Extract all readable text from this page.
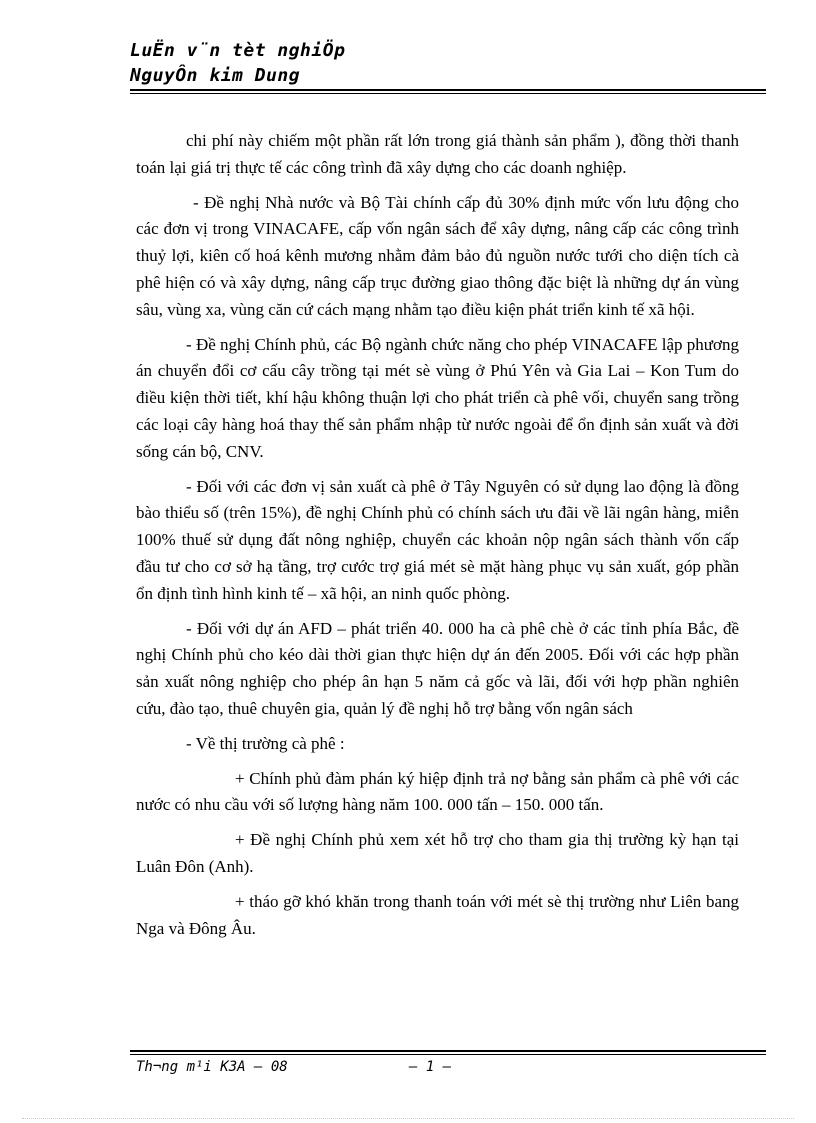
LuËn v¨n tèt nghiÖp
NguyÔn kim Dung

chi phí này chiếm một phần rất lớn trong giá thành sản phẩm ), đồng thời thanh toán lại giá trị thực tế các công trình đã xây dựng cho các doanh nghiệp.

- Đề nghị Nhà nước và Bộ Tài chính cấp đủ 30% định mức vốn lưu động cho các đơn vị trong VINACAFE, cấp vốn ngân sách để xây dựng, nâng cấp các công trình thuỷ lợi, kiên cố hoá kênh mương nhằm đảm bảo đủ nguồn nước tưới cho diện tích cà phê hiện có và xây dựng, nâng cấp trục đường giao thông đặc biệt là những dự án vùng sâu, vùng xa, vùng căn cứ cách mạng nhằm tạo điều kiện phát triển kinh tế xã hội.

- Đề nghị Chính phủ, các Bộ ngành chức năng cho phép VINACAFE lập phương án chuyển đổi cơ cấu cây trồng tại mét sè vùng ở Phú Yên và Gia Lai – Kon Tum do điều kiện thời tiết, khí hậu không thuận lợi cho phát triển cà phê vối, chuyển sang trồng các loại cây hàng hoá thay thế sản phẩm nhập từ nước ngoài để ổn định sản xuất và đời sống cán bộ, CNV.

- Đối với các đơn vị sản xuất cà phê ở Tây Nguyên có sử dụng lao động là đồng bào thiểu số (trên 15%), đề nghị Chính phủ có chính sách ưu đãi về lãi ngân hàng, miễn 100% thuế sử dụng đất nông nghiệp, chuyển các khoản nộp ngân sách thành vốn cấp đầu tư cho cơ sở hạ tầng, trợ cước trợ giá mét sè mặt hàng phục vụ sản xuất, góp phần ổn định tình hình kinh tế – xã hội, an ninh quốc phòng.

- Đối với dự án AFD – phát triển 40. 000 ha cà phê chè ở các tỉnh phía Bắc, đề nghị Chính phủ cho kéo dài thời gian thực hiện dự án đến 2005. Đối với các hợp phần sản xuất nông nghiệp cho phép ân hạn 5 năm cả gốc và lãi, đối với hợp phần nghiên cứu, đào tạo, thuê chuyên gia, quản lý đề nghị hỗ trợ bằng vốn ngân sách

- Về thị trường cà phê :

+ Chính phủ đàm phán ký hiệp định trả nợ bằng sản phẩm cà phê với các nước có nhu cầu với số lượng hàng năm 100. 000 tấn – 150. 000 tấn.

+ Đề nghị Chính phủ xem xét hỗ trợ cho tham gia thị trường kỳ hạn tại Luân Đôn (Anh).

+ tháo gỡ khó khăn trong thanh toán với mét sè thị trường như Liên bang Nga và Đông Âu.

Th¬ng m¹i K3A – 08	– 1 –
